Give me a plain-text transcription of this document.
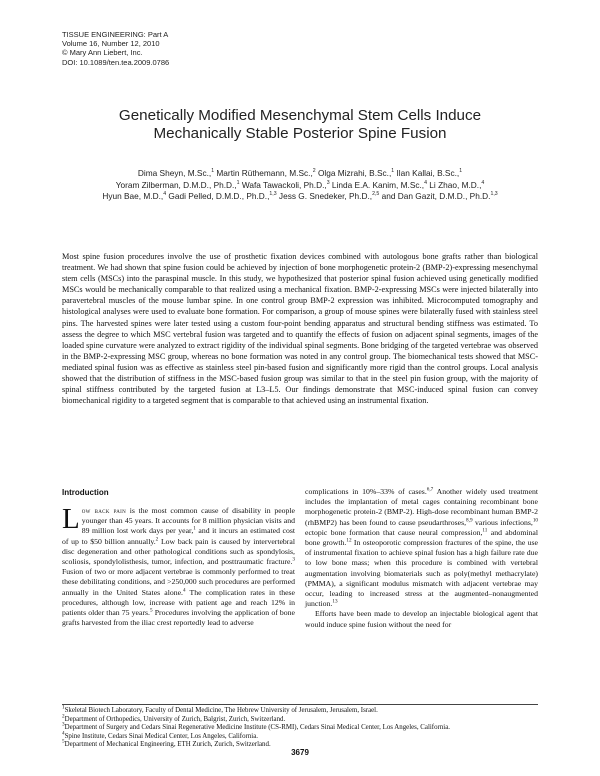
TISSUE ENGINEERING: Part A
Volume 16, Number 12, 2010
© Mary Ann Liebert, Inc.
DOI: 10.1089/ten.tea.2009.0786
Genetically Modified Mesenchymal Stem Cells Induce
Mechanically Stable Posterior Spine Fusion
Dima Sheyn, M.Sc.,$^1$ Martin Rüthemann, M.Sc.,$^2$ Olga Mizrahi, B.Sc.,$^1$ Ilan Kallai, B.Sc.,$^1$
Yoram Zilberman, D.M.D., Ph.D.,$^1$ Wafa Tawackoli, Ph.D.,$^3$ Linda E.A. Kanim, M.Sc.,$^4$ Li Zhao, M.D.,$^4$
Hyun Bae, M.D.,$^4$ Gadi Pelled, D.M.D., Ph.D.,$^{1,3}$ Jess G. Snedeker, Ph.D.,$^{2,5}$ and Dan Gazit, D.M.D., Ph.D.$^{1,3}$
Most spine fusion procedures involve the use of prosthetic fixation devices combined with autologous bone grafts rather than biological treatment. We had shown that spine fusion could be achieved by injection of bone morphogenetic protein-2 (BMP-2)-expressing mesenchymal stem cells (MSCs) into the paraspinal muscle. In this study, we hypothesized that posterior spinal fusion achieved using genetically modified MSCs would be mechanically comparable to that realized using a mechanical fixation. BMP-2-expressing MSCs were injected bilaterally into paravertebral muscles of the mouse lumbar spine. In one control group BMP-2 expression was inhibited. Microcomputed tomography and histological analyses were used to evaluate bone formation. For comparison, a group of mouse spines were bilaterally fused with stainless steel pins. The harvested spines were later tested using a custom four-point bending apparatus and structural bending stiffness was estimated. To assess the degree to which MSC vertebral fusion was targeted and to quantify the effects of fusion on adjacent spinal segments, images of the loaded spine curvature were analyzed to extract rigidity of the individual spinal segments. Bone bridging of the targeted vertebrae was observed in the BMP-2-expressing MSC group, whereas no bone formation was noted in any control group. The biomechanical tests showed that MSC-mediated spinal fusion was as effective as stainless steel pin-based fusion and significantly more rigid than the control groups. Local analysis showed that the distribution of stiffness in the MSC-based fusion group was similar to that in the steel pin fusion group, with the majority of spinal stiffness contributed by the targeted fusion at L3–L5. Our findings demonstrate that MSC-induced spinal fusion can convey biomechanical rigidity to a targeted segment that is comparable to that achieved using an instrumental fixation.
Introduction

Low back pain is the most common cause of disability in people younger than 45 years. It accounts for 8 million physician visits and 89 million lost work days per year,$^1$ and it incurs an estimated cost of up to $50 billion annually.$^2$ Low back pain is caused by intervertebral disc degeneration and other pathological conditions such as spondylosis, scoliosis, spondylolisthesis, tumor, infection, and posttraumatic fracture.$^3$ Fusion of two or more adjacent vertebrae is commonly performed to treat these debilitating conditions, and >250,000 such procedures are performed annually in the United States alone.$^4$ The complication rates in these procedures, although low, increase with patient age and reach 12% in patients older than 75 years.$^5$ Procedures involving the application of bone grafts harvested from the iliac crest reportedly lead to adverse

complications in 10%–33% of cases.$^{6,7}$ Another widely used treatment includes the implantation of metal cages containing recombinant bone morphogenetic protein-2 (BMP-2). High-dose recombinant human BMP-2 (rhBMP2) has been found to cause pseudarthroses,$^{8,9}$ various infections,$^{10}$ ectopic bone formation that cause neural compression,$^{11}$ and abdominal bone growth.$^{12}$ In osteoporotic compression fractures of the spine, the use of instrumental fixation to achieve spinal fusion has a high failure rate due to low bone mass; when this procedure is combined with vertebral augmentation involving biomaterials such as poly(methyl methacrylate) (PMMA), a significant modulus mismatch with adjacent vertebrae may occur, leading to increased stress at the augmented–nonaugmented junction.$^{13}$

Efforts have been made to develop an injectable biological agent that would induce spine fusion without the need for

$^1$Skeletal Biotech Laboratory, Faculty of Dental Medicine, The Hebrew University of Jerusalem, Jerusalem, Israel.
$^2$Department of Orthopedics, University of Zurich, Balgrist, Zurich, Switzerland.
$^3$Department of Surgery and Cedars Sinai Regenerative Medicine Institute (CS-RMI), Cedars Sinai Medical Center, Los Angeles, California.
$^4$Spine Institute, Cedars Sinai Medical Center, Los Angeles, California.
$^5$Department of Mechanical Engineering, ETH Zurich, Zurich, Switzerland.
3679
